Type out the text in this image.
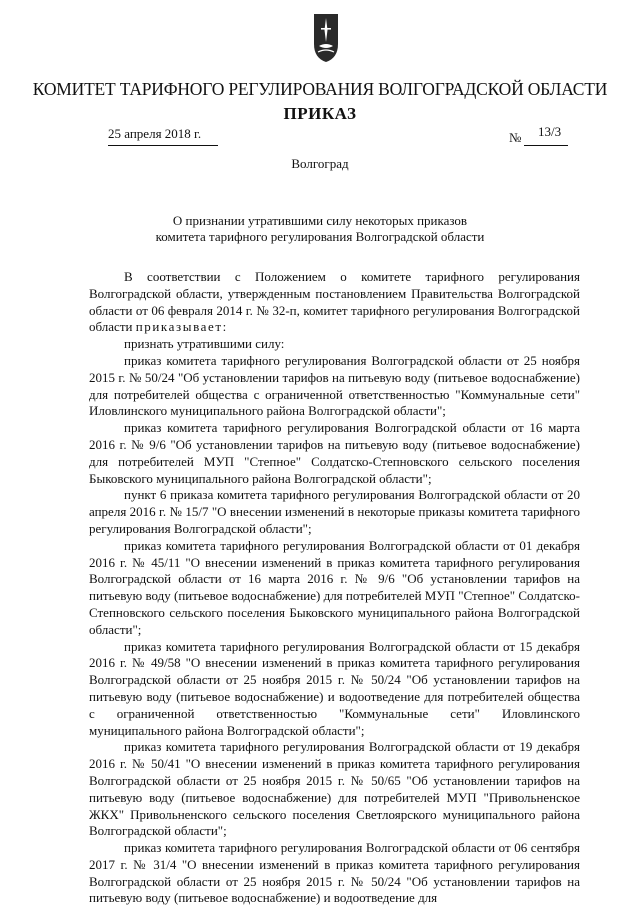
КОМИТЕТ ТАРИФНОГО РЕГУЛИРОВАНИЯ ВОЛГОГРАДСКОЙ ОБЛАСТИ
ПРИКАЗ
25 апреля 2018 г.	№ 13/3
Волгоград
О признании утратившими силу некоторых приказов
комитета тарифного регулирования Волгоградской области

В соответствии с Положением о комитете тарифного регулирования Волгоградской области, утвержденным постановлением Правительства Волгоградской области от 06 февраля 2014 г. № 32-п, комитет тарифного регулирования Волгоградской области приказывает:

признать утратившими силу:

приказ комитета тарифного регулирования Волгоградской области от 25 ноября 2015 г. № 50/24 "Об установлении тарифов на питьевую воду (питьевое водоснабжение) для потребителей общества с ограниченной ответственностью "Коммунальные сети" Иловлинского муниципального района Волгоградской области";

приказ комитета тарифного регулирования Волгоградской области от 16 марта 2016 г. № 9/6 "Об установлении тарифов на питьевую воду (питьевое водоснабжение) для потребителей МУП "Степное" Солдатско-Степновского сельского поселения Быковского муниципального района Волгоградской области";

пункт 6 приказа комитета тарифного регулирования Волгоградской области от 20 апреля 2016 г. № 15/7 "О внесении изменений в некоторые приказы комитета тарифного регулирования Волгоградской области";

приказ комитета тарифного регулирования Волгоградской области от 01 декабря 2016 г. № 45/11 "О внесении изменений в приказ комитета тарифного регулирования Волгоградской области от 16 марта 2016 г. № 9/6 "Об установлении тарифов на питьевую воду (питьевое водоснабжение) для потребителей МУП "Степное" Солдатско-Степновского сельского поселения Быковского муниципального района Волгоградской области";

приказ комитета тарифного регулирования Волгоградской области от 15 декабря 2016 г. № 49/58 "О внесении изменений в приказ комитета тарифного регулирования Волгоградской области от 25 ноября 2015 г. № 50/24 "Об установлении тарифов на питьевую воду (питьевое водоснабжение) и водоотведение для потребителей общества с ограниченной ответственностью "Коммунальные сети" Иловлинского муниципального района Волгоградской области";

приказ комитета тарифного регулирования Волгоградской области от 19 декабря 2016 г. № 50/41 "О внесении изменений в приказ комитета тарифного регулирования Волгоградской области от 25 ноября 2015 г. № 50/65 "Об установлении тарифов на питьевую воду (питьевое водоснабжение) для потребителей МУП "Привольненское ЖКХ" Привольненского сельского поселения Светлоярского муниципального района Волгоградской области";

приказ комитета тарифного регулирования Волгоградской области от 06 сентября 2017 г. № 31/4 "О внесении изменений в приказ комитета тарифного регулирования Волгоградской области от 25 ноября 2015 г. № 50/24 "Об установлении тарифов на питьевую воду (питьевое водоснабжение) и водоотведение для
